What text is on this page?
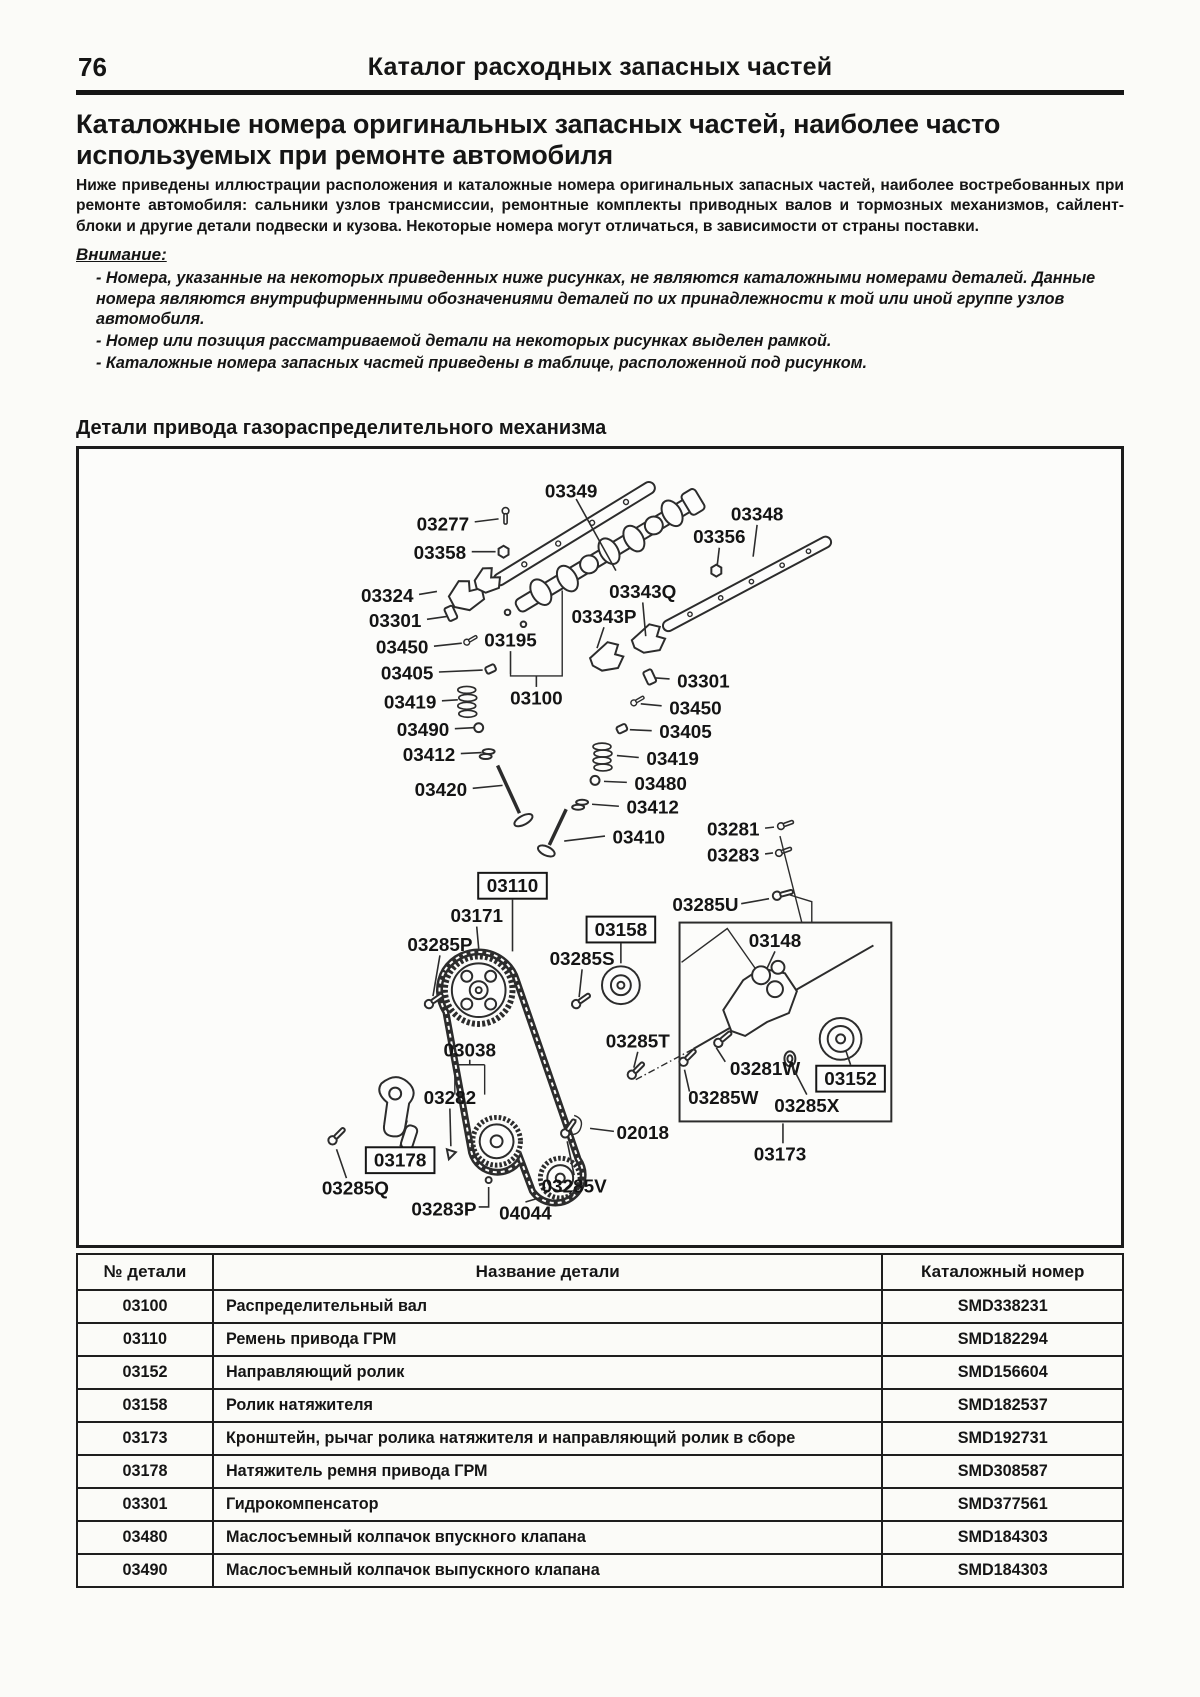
76	Каталог расходных запасных частей
Каталожные номера оригинальных запасных частей, наиболее часто используемых при ремонте автомобиля

Ниже приведены иллюстрации расположения и каталожные номера оригинальных запасных частей, наиболее востребованных при ремонте автомобиля: сальники узлов трансмиссии, ремонтные комплекты приводных валов и тормозных механизмов, сайлент-блоки и другие детали подвески и кузова. Некоторые номера могут отличаться, в зависимости от страны поставки.

Внимание:
- Номера, указанные на некоторых приведенных ниже рисунках, не являются каталожными номерами деталей. Данные номера являются внутрифирменными обозначениями деталей по их принадлежности к той или иной группе узлов автомобиля.
- Номер или позиция рассматриваемой детали на некоторых рисунках выделен рамкой.
- Каталожные номера запасных частей приведены в таблице, расположенной под рисунком.
Детали привода газораспределительного механизма
03349
03277
03358
03324
03301
03450
03405
03419
03490
03412
03420
03195
03100
03343Q
03343P
03356
03348
03301
03450
03405
03419
03480
03412
03410 03281
03283
03110
03171
03285P
03158
03285S
03285U
03148
03038
03282
03178
03285Q
03283P 04044
03285V
02018
03285T
03281W
03285W 03285X
03152
03173
№ детали	Название детали	Каталожный номер
03100	Распределительный вал	SMD338231
03110	Ремень привода ГРМ	SMD182294
03152	Направляющий ролик	SMD156604
03158	Ролик натяжителя	SMD182537
03173	Кронштейн, рычаг ролика натяжителя и направляющий ролик в сборе	SMD192731
03178	Натяжитель ремня привода ГРМ	SMD308587
03301	Гидрокомпенсатор	SMD377561
03480	Маслосъемный колпачок впускного клапана	SMD184303
03490	Маслосъемный колпачок выпускного клапана	SMD184303
